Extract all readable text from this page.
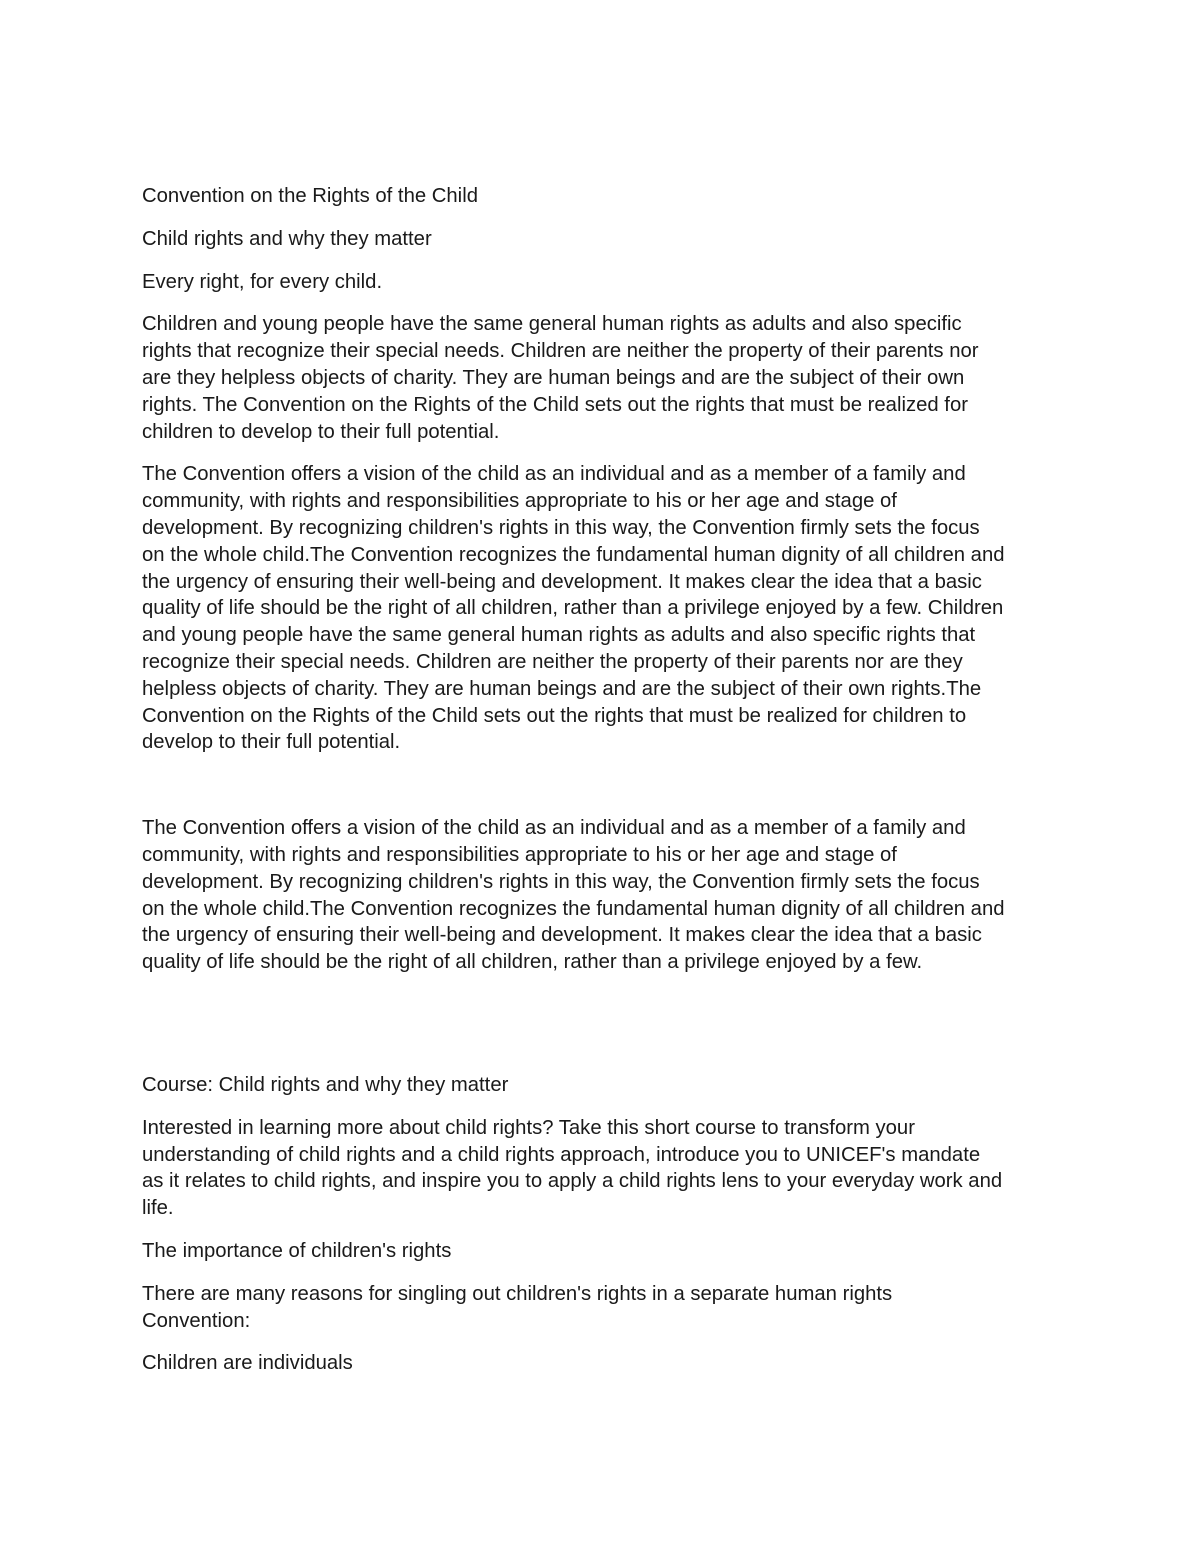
Convention on the Rights of the Child

Child rights and why they matter

Every right, for every child.

Children and young people have the same general human rights as adults and also specific
rights that recognize their special needs. Children are neither the property of their parents nor
are they helpless objects of charity. They are human beings and are the subject of their own
rights. The Convention on the Rights of the Child sets out the rights that must be realized for
children to develop to their full potential.

The Convention offers a vision of the child as an individual and as a member of a family and
community, with rights and responsibilities appropriate to his or her age and stage of
development. By recognizing children's rights in this way, the Convention firmly sets the focus
on the whole child.The Convention recognizes the fundamental human dignity of all children and
the urgency of ensuring their well-being and development. It makes clear the idea that a basic
quality of life should be the right of all children, rather than a privilege enjoyed by a few. Children
and young people have the same general human rights as adults and also specific rights that
recognize their special needs. Children are neither the property of their parents nor are they
helpless objects of charity. They are human beings and are the subject of their own rights.The
Convention on the Rights of the Child sets out the rights that must be realized for children to
develop to their full potential.

The Convention offers a vision of the child as an individual and as a member of a family and
community, with rights and responsibilities appropriate to his or her age and stage of
development. By recognizing children's rights in this way, the Convention firmly sets the focus
on the whole child.The Convention recognizes the fundamental human dignity of all children and
the urgency of ensuring their well-being and development. It makes clear the idea that a basic
quality of life should be the right of all children, rather than a privilege enjoyed by a few.

Course: Child rights and why they matter

Interested in learning more about child rights? Take this short course to transform your
understanding of child rights and a child rights approach, introduce you to UNICEF's mandate
as it relates to child rights, and inspire you to apply a child rights lens to your everyday work and
life.

The importance of children's rights

There are many reasons for singling out children's rights in a separate human rights
Convention:

Children are individuals
